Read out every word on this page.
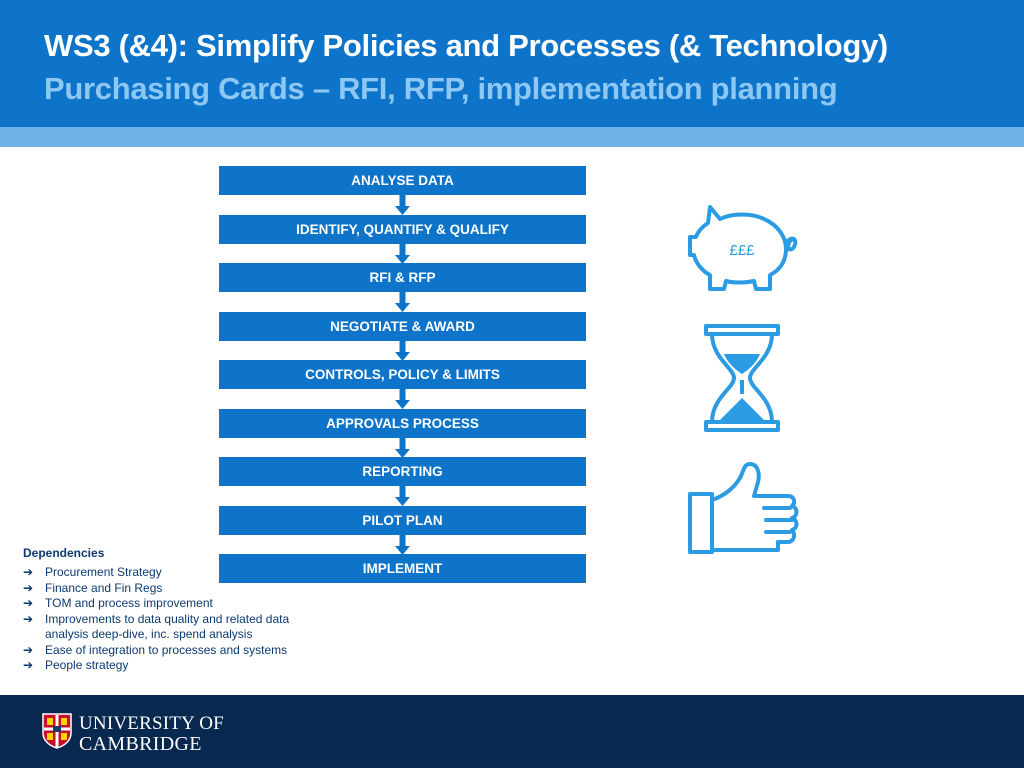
WS3 (&4): Simplify Policies and Processes (& Technology)
Purchasing Cards – RFI, RFP, implementation planning
ANALYSE DATA
IDENTIFY, QUANTIFY & QUALIFY
RFI & RFP
NEGOTIATE & AWARD
CONTROLS, POLICY & LIMITS
APPROVALS PROCESS
REPORTING
PILOT PLAN
IMPLEMENT
£££
Dependencies
➔ Procurement Strategy
➔ Finance and Fin Regs
➔ TOM and process improvement
➔ Improvements to data quality and related data analysis deep-dive, inc. spend analysis
➔ Ease of integration to processes and systems
➔ People strategy
UNIVERSITY OF
CAMBRIDGE
